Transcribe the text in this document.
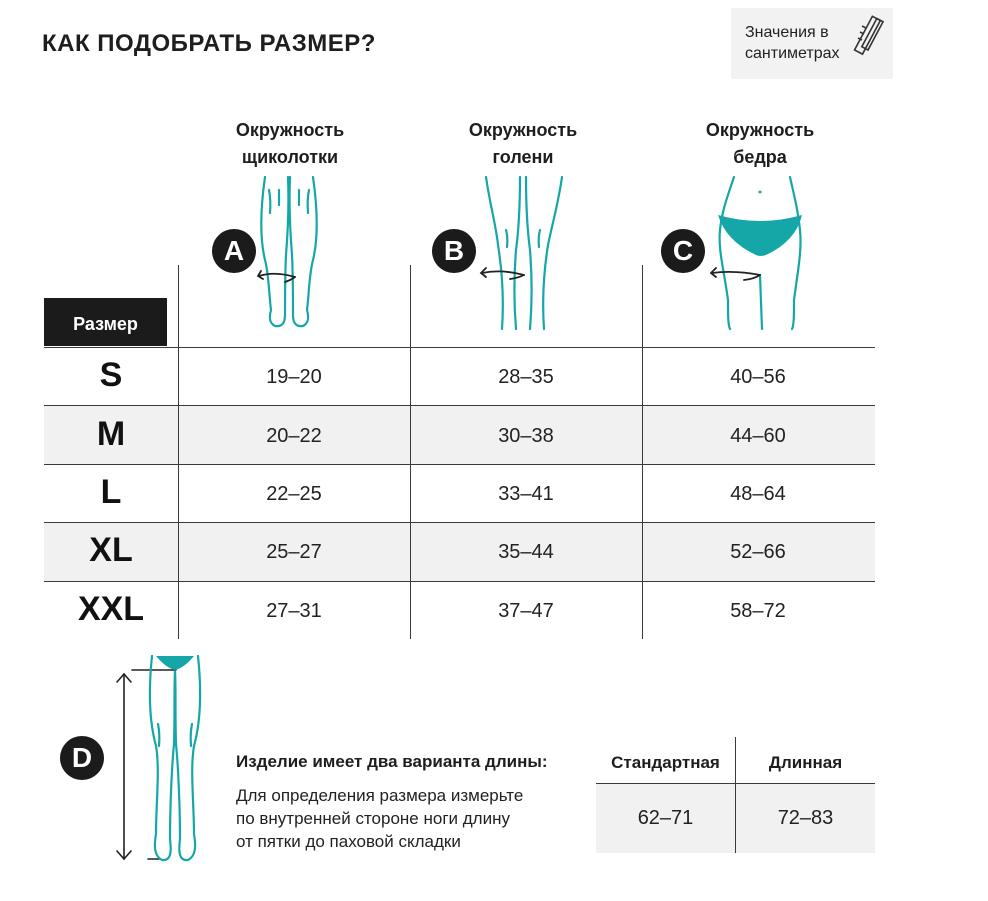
КАК ПОДОБРАТЬ РАЗМЕР?	Значения в сантиметрах
Окружность
щиколотки
Окружность
голени
Окружность
бедра
A	B	C
Размер
S	19–20	28–35	40–56
M	20–22	30–38	44–60
L	22–25	33–41	48–64
XL	25–27	35–44	52–66
XXL	27–31	37–47	58–72
D	Изделие имеет два варианта длины:
Для определения размера измерьте
по внутренней стороне ноги длину
от пятки до паховой складки
Стандартная	Длинная
62–71	72–83
